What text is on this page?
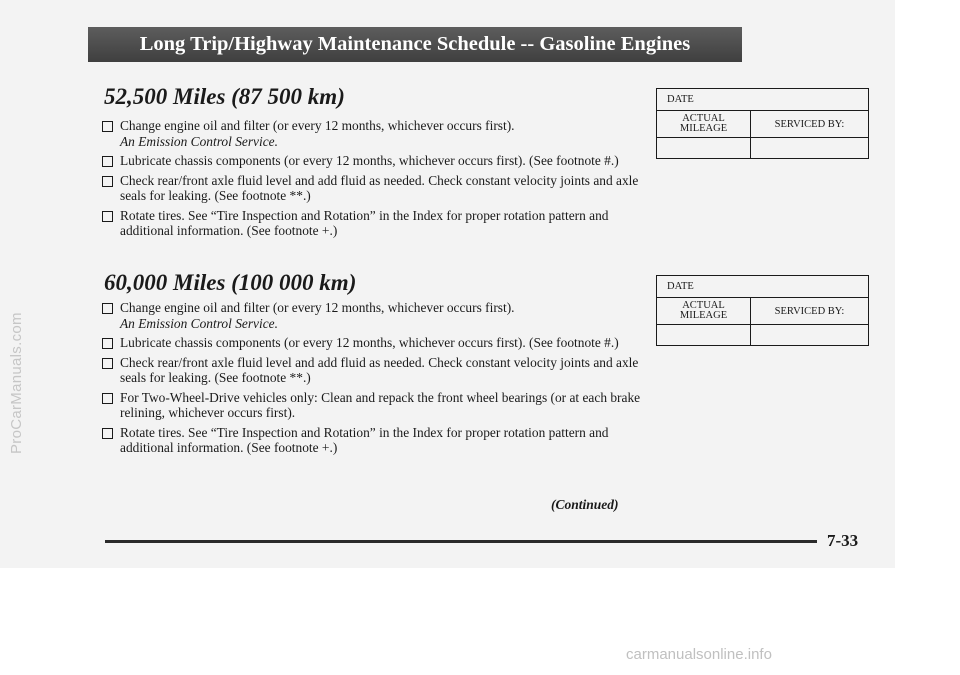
Long Trip/Highway Maintenance Schedule -- Gasoline Engines
52,500 Miles (87 500 km)
Change engine oil and filter (or every 12 months, whichever occurs first).
An Emission Control Service.
Lubricate chassis components (or every 12 months, whichever occurs first). (See footnote #.)
Check rear/front axle fluid level and add fluid as needed. Check constant velocity joints and axle seals for leaking. (See footnote **.)
Rotate tires. See “Tire Inspection and Rotation” in the Index for proper rotation pattern and additional information. (See footnote +.)
DATE
ACTUAL
MILEAGE	SERVICED BY:
60,000 Miles (100 000 km)
Change engine oil and filter (or every 12 months, whichever occurs first).
An Emission Control Service.
Lubricate chassis components (or every 12 months, whichever occurs first). (See footnote #.)
Check rear/front axle fluid level and add fluid as needed. Check constant velocity joints and axle seals for leaking. (See footnote **.)
For Two-Wheel-Drive vehicles only: Clean and repack the front wheel bearings (or at each brake relining, whichever occurs first).
Rotate tires. See “Tire Inspection and Rotation” in the Index for proper rotation pattern and additional information. (See footnote +.)
DATE
ACTUAL
MILEAGE	SERVICED BY:
(Continued)
7-33
ProCarManuals.com
carmanualsonline.info
